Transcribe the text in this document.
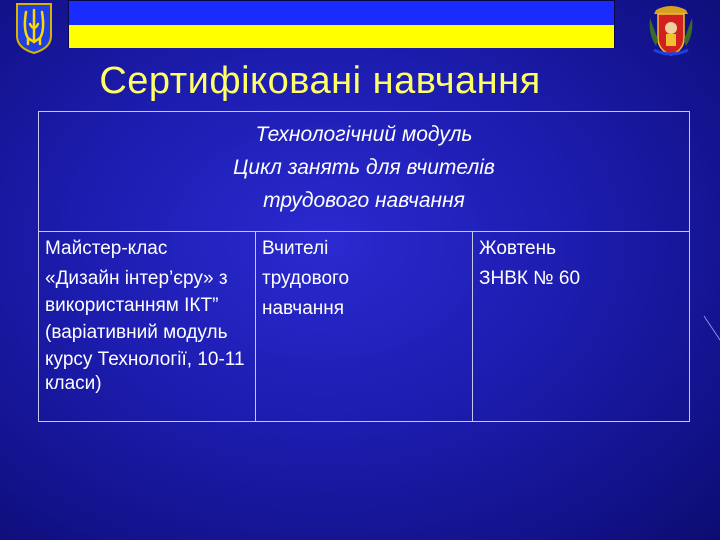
Сертифіковані навчання
Технологічний модуль
Цикл занять для вчителів
трудового навчання

Майстер-клас
«Дизайн інтер’єру» з
використанням ІКТ”
(варіативний модуль
курсу Технології, 10-11
класи)

Вчителі
трудового
навчання

Жовтень
ЗНВК № 60
